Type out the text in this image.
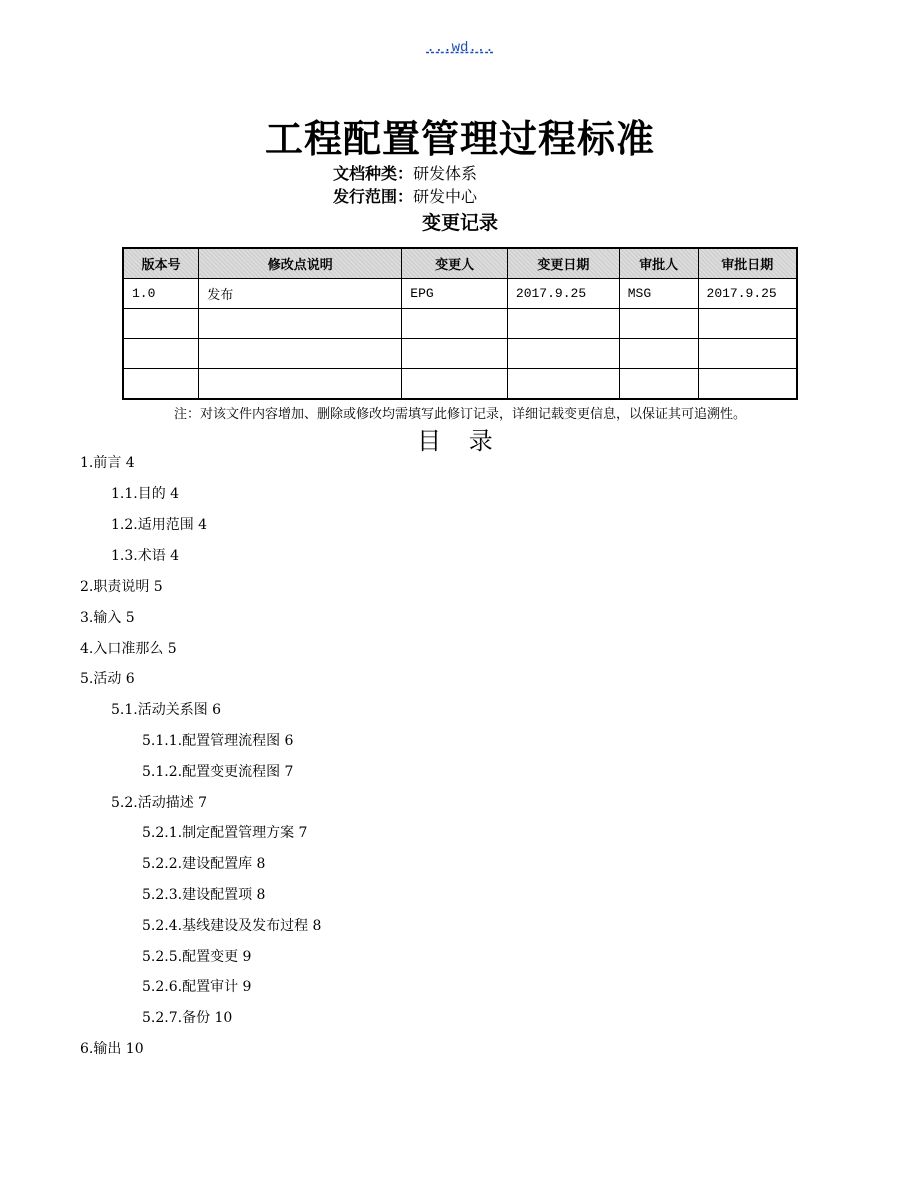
...wd...
工程配置管理过程标准
文档种类：研发体系
发行范围：研发中心
变更记录
版本号	修改点说明	变更人	变更日期	审批人	审批日期
1.0	发布	EPG	2017.9.25	MSG	2017.9.25

注：对该文件内容增加、删除或修改均需填写此修订记录，详细记载变更信息，以保证其可追溯性。
目 录
1.前言 4
1.1.目的 4
1.2.适用范围 4
1.3.术语 4
2.职责说明 5
3.输入 5
4.入口准那么 5
5.活动 6
5.1.活动关系图 6
5.1.1.配置管理流程图 6
5.1.2.配置变更流程图 7
5.2.活动描述 7
5.2.1.制定配置管理方案 7
5.2.2.建设配置库 8
5.2.3.建设配置项 8
5.2.4.基线建设及发布过程 8
5.2.5.配置变更 9
5.2.6.配置审计 9
5.2.7.备份 10
6.输出 10
